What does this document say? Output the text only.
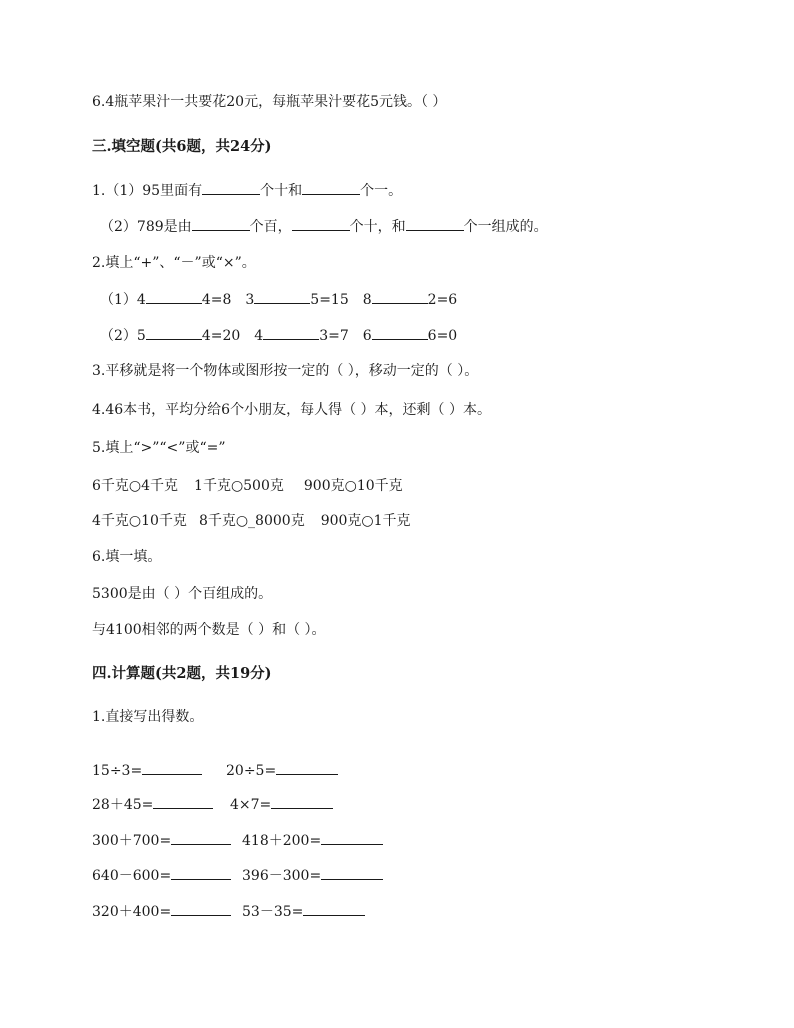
6.4瓶苹果汁一共要花20元，每瓶苹果汁要花5元钱。（ ）
三.填空题(共6题，共24分)
1.（1）95里面有	个十和	个一。
（2）789是由	个百，	个十，和	个一组成的。
2.填上“+”、“－”或“×”。
（1）4	4=8 3	5=15 8	2=6
（2）5	4=20 4	3=7 6	6=0
3.平移就是将一个物体或图形按一定的（ ），移动一定的（ ）。
4.46本书，平均分给6个小朋友，每人得（ ）本，还剩（ ）本。
5.填上“>”“<”或“=”
6千克○4千克 1千克○500克 900克○10千克
4千克○10千克 8千克○_8000克 900克○1千克
6.填一填。
5300是由（ ）个百组成的。
与4100相邻的两个数是（ ）和（ ）。
四.计算题(共2题，共19分)
1.直接写出得数。
15÷3=	20÷5=
28＋45=	4×7=
300＋700=	418＋200=
640－600=	396－300=
320＋400=	53－35=
